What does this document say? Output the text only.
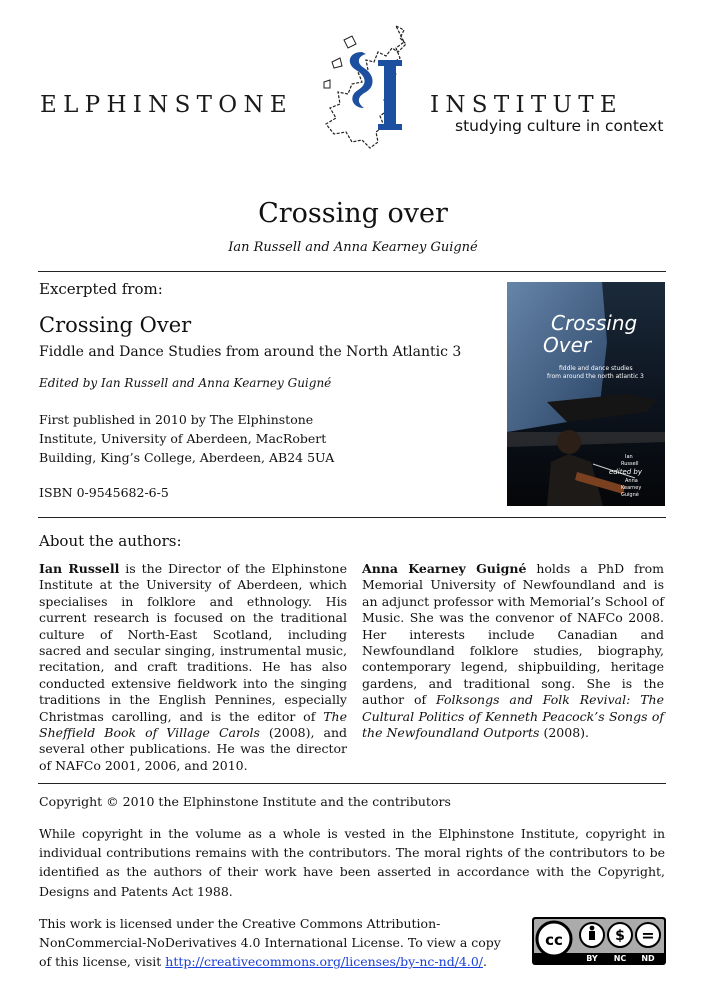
ELPHINSTONE	INSTITUTE
studying culture in context
Crossing over
Ian Russell and Anna Kearney Guigné
Excerpted from:
Crossing Over
Fiddle and Dance Studies from around the North Atlantic 3
Edited by Ian Russell and Anna Kearney Guigné
First published in 2010 by The Elphinstone Institute, University of Aberdeen, MacRobert Building, King’s College, Aberdeen, AB24 5UA
ISBN 0-9545682-6-5
Crossing
Over
fiddle and dance studies
from around the north atlantic 3
Ian
Russell
edited by
Anna
Kearney
Guigné
About the authors:
Ian Russell is the Director of the Elphinstone Institute at the University of Aberdeen, which specialises in folklore and ethnology. His current research is focused on the traditional culture of North-East Scotland, including sacred and secular singing, instrumental music, recitation, and craft traditions. He has also conducted extensive fieldwork into the singing traditions in the English Pennines, especially Christmas carolling, and is the editor of The Sheffield Book of Village Carols (2008), and several other publications. He was the director of NAFCo 2001, 2006, and 2010.
Anna Kearney Guigné holds a PhD from Memorial University of Newfoundland and is an adjunct professor with Memorial’s School of Music. She was the convenor of NAFCo 2008. Her interests include Canadian and Newfoundland folklore studies, biography, contemporary legend, shipbuilding, heritage gardens, and traditional song. She is the author of Folksongs and Folk Revival: The Cultural Politics of Kenneth Peacock’s Songs of the Newfoundland Outports (2008).
Copyright © 2010 the Elphinstone Institute and the contributors
While copyright in the volume as a whole is vested in the Elphinstone Institute, copyright in individual contributions remains with the contributors. The moral rights of the contributors to be identified as the authors of their work have been asserted in accordance with the Copyright, Designs and Patents Act 1988.
This work is licensed under the Creative Commons Attribution-NonCommercial-NoDerivatives 4.0 International License. To view a copy of this license, visit http://creativecommons.org/licenses/by-nc-nd/4.0/.
cc	$ =
BY NC ND
